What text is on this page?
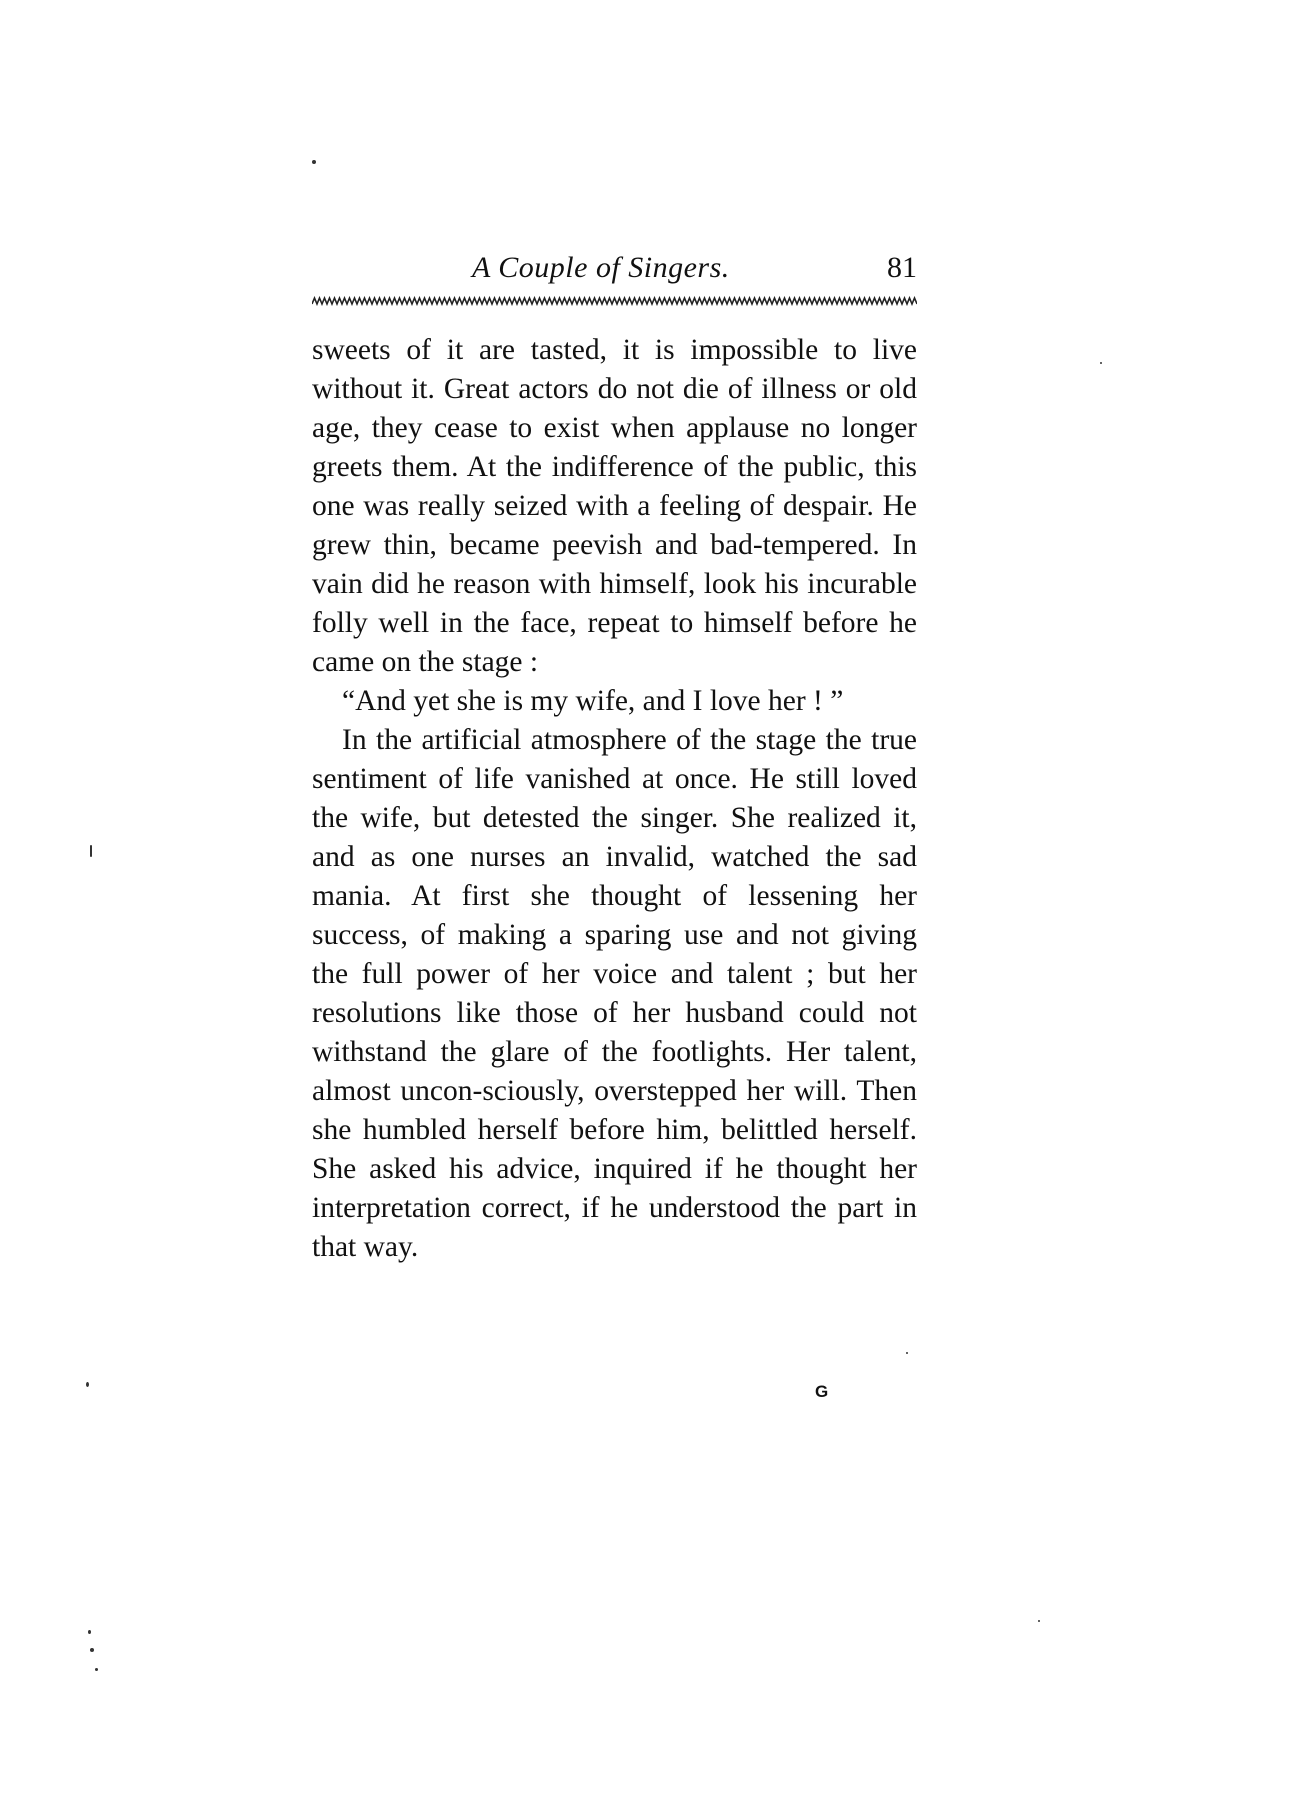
A Couple of Singers.	81

sweets of it are tasted, it is impossible to live without it. Great actors do not die of illness or old age, they cease to exist when applause no longer greets them. At the indifference of the public, this one was really seized with a feeling of despair. He grew thin, became peevish and bad-tempered. In vain did he reason with himself, look his incurable folly well in the face, repeat to himself before he came on the stage :

“And yet she is my wife, and I love her ! ”

In the artificial atmosphere of the stage the true sentiment of life vanished at once. He still loved the wife, but detested the singer. She realized it, and as one nurses an invalid, watched the sad mania. At first she thought of lessening her success, of making a sparing use and not giving the full power of her voice and talent ; but her resolutions like those of her husband could not withstand the glare of the footlights. Her talent, almost uncon-sciously, overstepped her will. Then she humbled herself before him, belittled herself. She asked his advice, inquired if he thought her interpretation correct, if he understood the part in that way.

G
